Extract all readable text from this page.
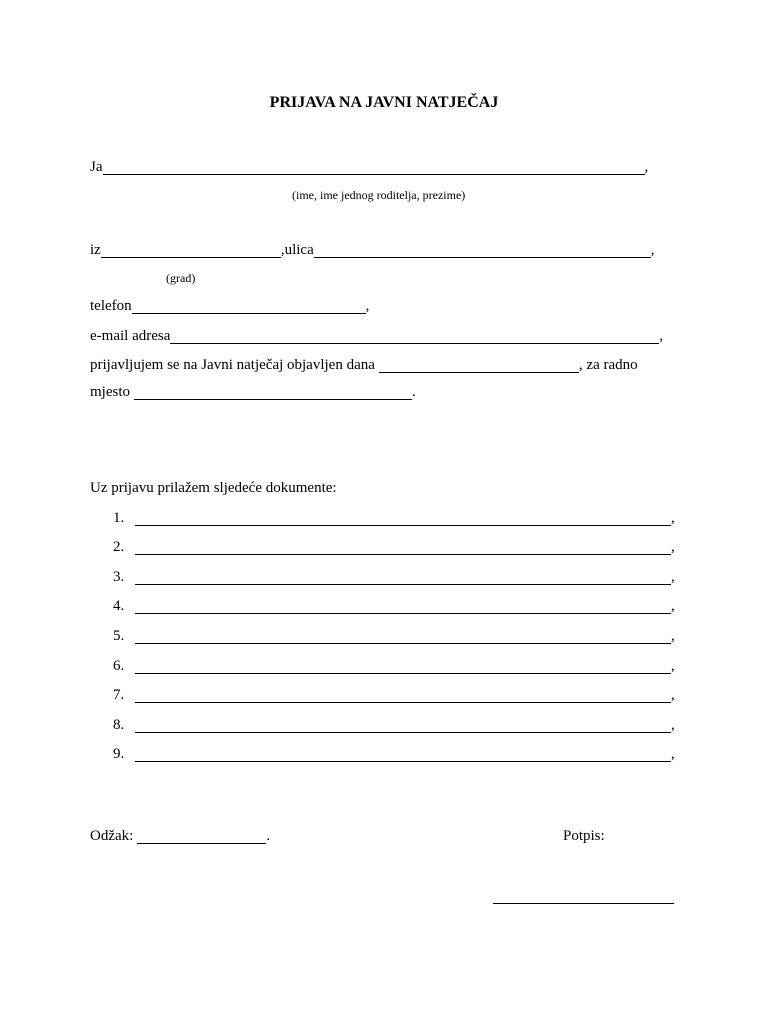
PRIJAVA NA JAVNI NATJEČAJ
Ja	,
(ime, ime jednog roditelja, prezime)
iz	,ulica	,
(grad)
telefon	,
e-mail adresa	,
prijavljujem se na Javni natječaj objavljen dana	, za radno
mjesto	.
Uz prijavu prilažem sljedeće dokumente:
1.	,
2.	,
3.	,
4.	,
5.	,
6.	,
7.	,
8.	,
9.	,
Odžak:	.	Potpis:
